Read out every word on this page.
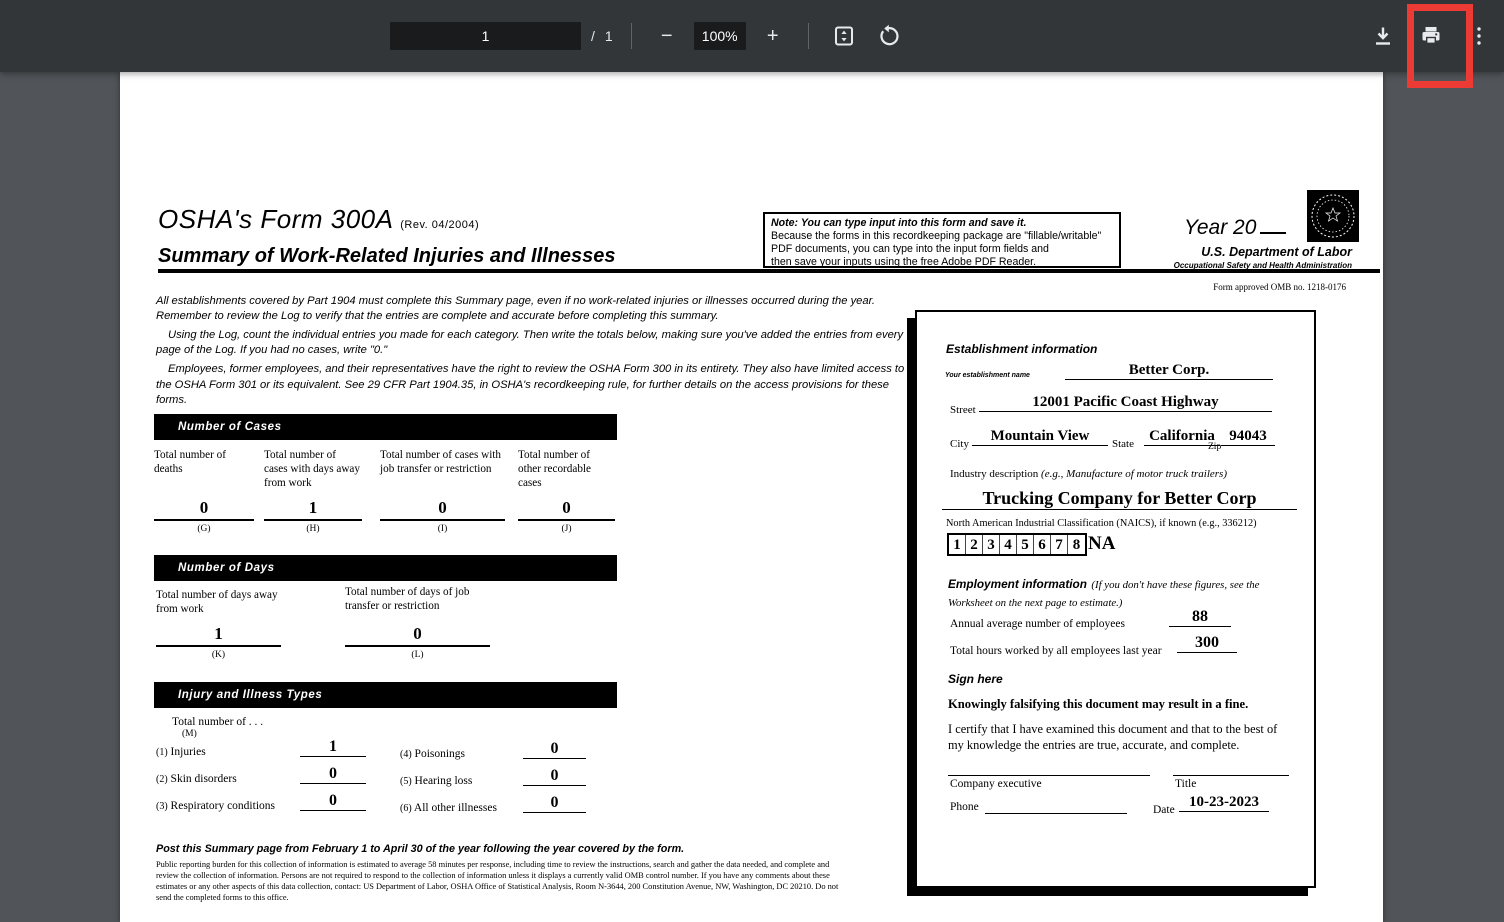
1
/ 1	−	100%	+
OSHA's Form 300A (Rev. 04/2004)
Summary of Work-Related Injuries and Illnesses
Note: You can type input into this form and save it.
Because the forms in this recordkeeping package are "fillable/writable"
PDF documents, you can type into the input form fields and
then save your inputs using the free Adobe PDF Reader.
Year 20
U.S. Department of Labor
Occupational Safety and Health Administration
Form approved OMB no. 1218-0176

All establishments covered by Part 1904 must complete this Summary page, even if no work-related injuries or illnesses occurred during the year. Remember to review the Log to verify that the entries are complete and accurate before completing this summary.

Using the Log, count the individual entries you made for each category. Then write the totals below, making sure you've added the entries from every page of the Log. If you had no cases, write "0."

Employees, former employees, and their representatives have the right to review the OSHA Form 300 in its entirety. They also have limited access to the OSHA Form 301 or its equivalent. See 29 CFR Part 1904.35, in OSHA's recordkeeping rule, for further details on the access provisions for these forms.

Number of Cases
Total number of deaths
0
(G)
Total number of cases with days away from work
1
(H)
Total number of cases with job transfer or restriction
0
(I)
Total number of other recordable cases
0
(J)
Number of Days
Total number of days away from work
1
(K)
Total number of days of job transfer or restriction
0
(L)
Injury and Illness Types
Total number of . . .
(M)
(1) Injuries	1
(2) Skin disorders	0
(3) Respiratory conditions	0
(4) Poisonings	0
(5) Hearing loss	0
(6) All other illnesses	0
Post this Summary page from February 1 to April 30 of the year following the year covered by the form.
Public reporting burden for this collection of information is estimated to average 58 minutes per response, including time to review the instructions, search and gather the data needed, and complete and review the collection of information. Persons are not required to respond to the collection of information unless it displays a currently valid OMB control number. If you have any comments about these estimates or any other aspects of this data collection, contact: US Department of Labor, OSHA Office of Statistical Analysis, Room N-3644, 200 Constitution Avenue, NW, Washington, DC 20210. Do not send the completed forms to this office.
Establishment information
Your establishment name	Better Corp.
Street	12001 Pacific Coast Highway
City	Mountain View	State	California
Zip
94043
Industry description (e.g., Manufacture of motor truck trailers)
Trucking Company for Better Corp
North American Industrial Classification (NAICS), if known (e.g., 336212)
1 2 3 4 5 6 7 8 NA
Employment information (If you don't have these figures, see the Worksheet on the next page to estimate.)
Annual average number of employees	88
Total hours worked by all employees last year	300
Sign here
Knowingly falsifying this document may result in a fine.
I certify that I have examined this document and that to the best of my knowledge the entries are true, accurate, and complete.
Company executive	Title
Phone	Date 10-23-2023
